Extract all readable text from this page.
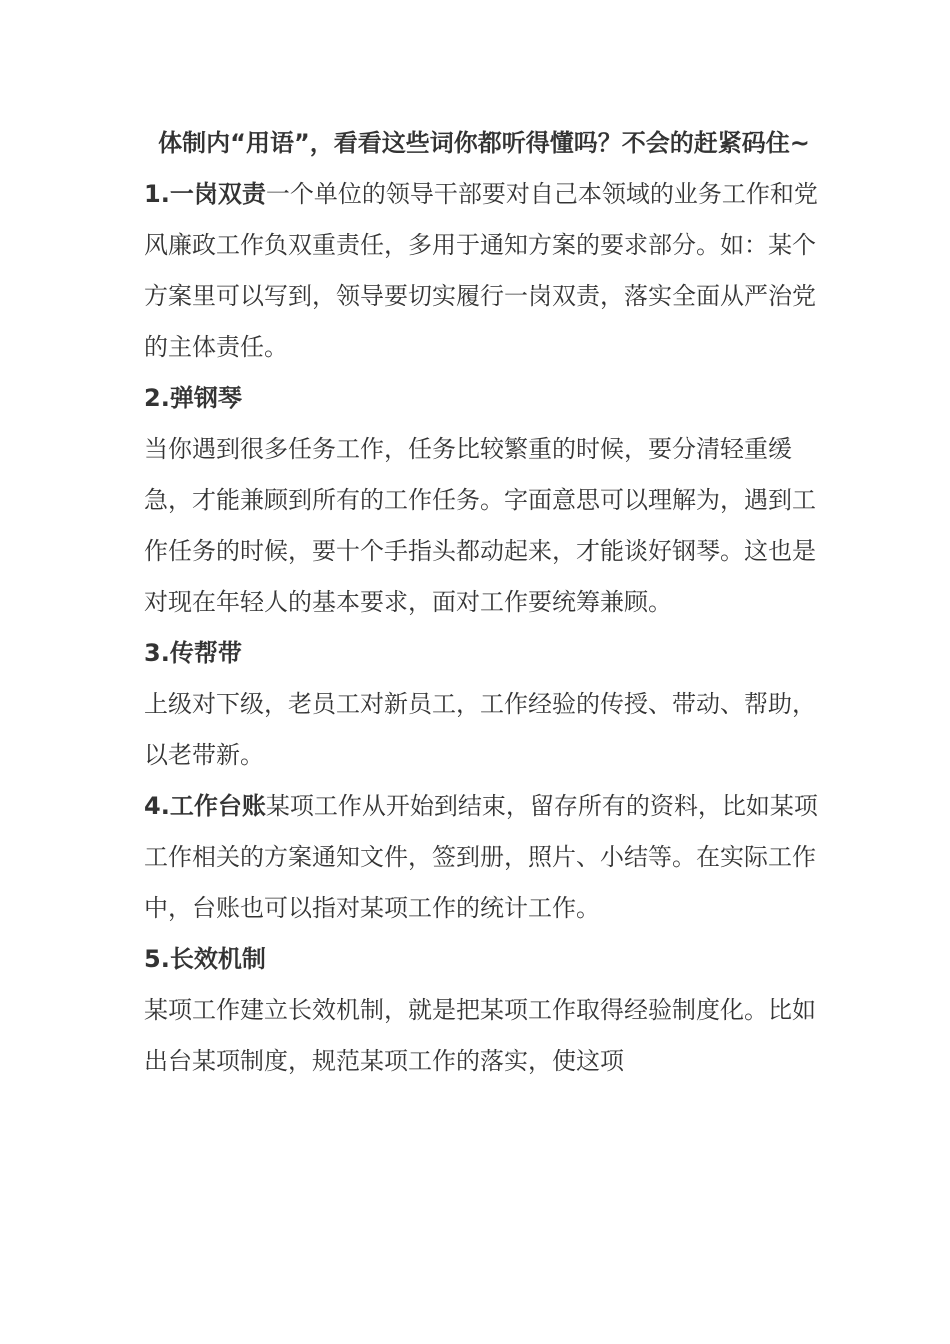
体制内“用语”，看看这些词你都听得懂吗？不会的赶紧码住~

1.一岗双责一个单位的领导干部要对自己本领域的业务工作和党风廉政工作负双重责任，多用于通知方案的要求部分。如：某个方案里可以写到，领导要切实履行一岗双责，落实全面从严治党的主体责任。

2.弹钢琴

当你遇到很多任务工作，任务比较繁重的时候，要分清轻重缓急，才能兼顾到所有的工作任务。字面意思可以理解为，遇到工作任务的时候，要十个手指头都动起来，才能谈好钢琴。这也是对现在年轻人的基本要求，面对工作要统筹兼顾。

3.传帮带

上级对下级，老员工对新员工，工作经验的传授、带动、帮助，以老带新。

4.工作台账某项工作从开始到结束，留存所有的资料，比如某项工作相关的方案通知文件，签到册，照片、小结等。在实际工作中，台账也可以指对某项工作的统计工作。

5.长效机制

某项工作建立长效机制，就是把某项工作取得经验制度化。比如出台某项制度，规范某项工作的落实，使这项
